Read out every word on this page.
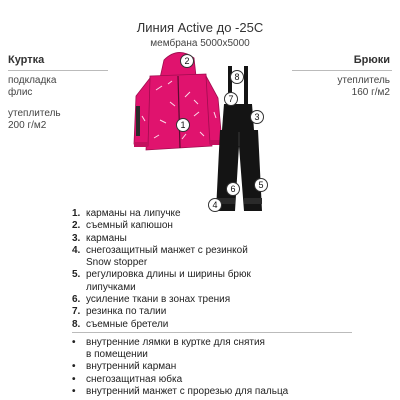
Линия Active до -25С
мембрана 5000х5000
Куртка
подкладка
флис
утеплитель
200 г/м2
Брюки
утеплитель
160 г/м2
1
2
3
4
5
6
7
8
1. карманы на липучке
2. съемный капюшон
3. карманы
4. снегозащитный манжет с резинкой
Snow stopper
5. регулировка длины и ширины брюк
липучками
6. усиление ткани в зонах трения
7. резинка по талии
8. съемные бретели
•	внутренние лямки в куртке для снятия
в помещении
•	внутренний карман
•	снегозащитная юбка
•	внутренний манжет с прорезью для пальца
